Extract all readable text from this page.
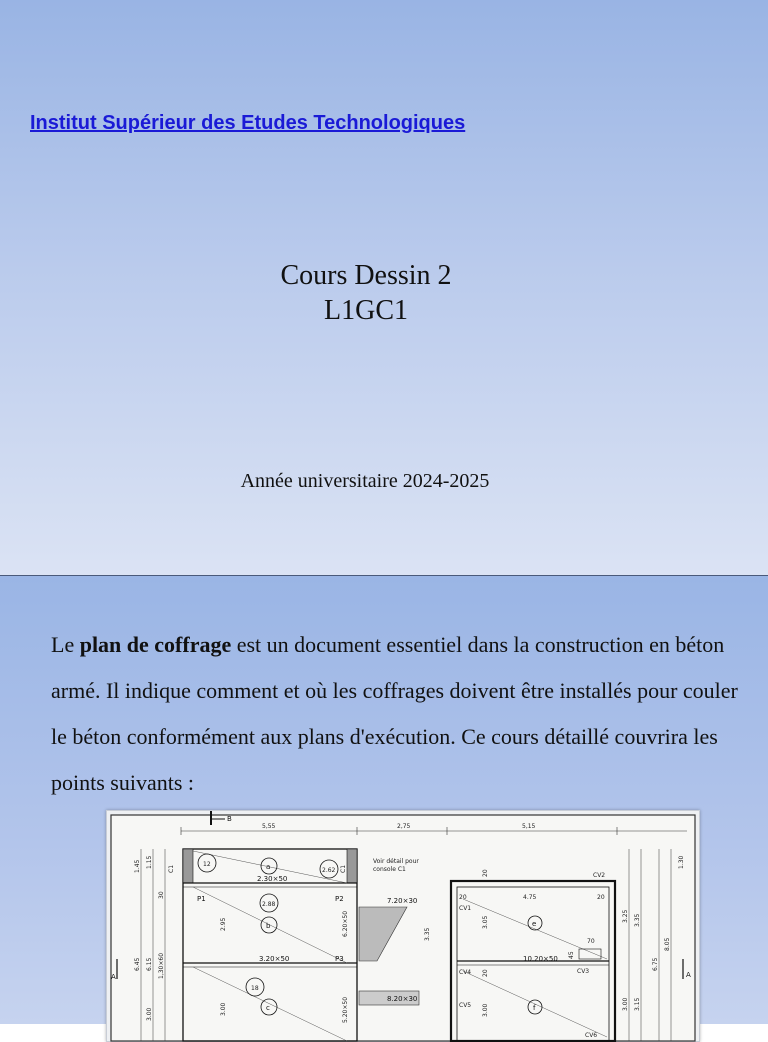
Institut Supérieur des Etudes Technologiques
Cours Dessin 2
L1GC1
Année universitaire 2024-2025
Le plan de coffrage est un document essentiel dans la construction en béton armé. Il indique comment et où les coffrages doivent être installés pour couler le béton conformément aux plans d'exécution. Ce cours détaillé couvrira les points suivants :
B
5,55	2,75	5,15
a
b
c
12
2.62
2.88
18
2.30×50
3.20×50
P1	P2
P3
C1	C1
2.95	6.20×50
5.20×50
3.00
1.45 1.15
30
6.45 6.15 1,30×60
3.00
A
7.20×30
8.20×30
Voir détail pour
console C1
e
f
10.20×50
CV2
CV1
CV4	CV3
CV5
CV6
20	4.75	20
20
3.05
3.35
20
3.00
70
45
1.30
3.25 3.35
6.75
8.05
3.00 3.15
A
